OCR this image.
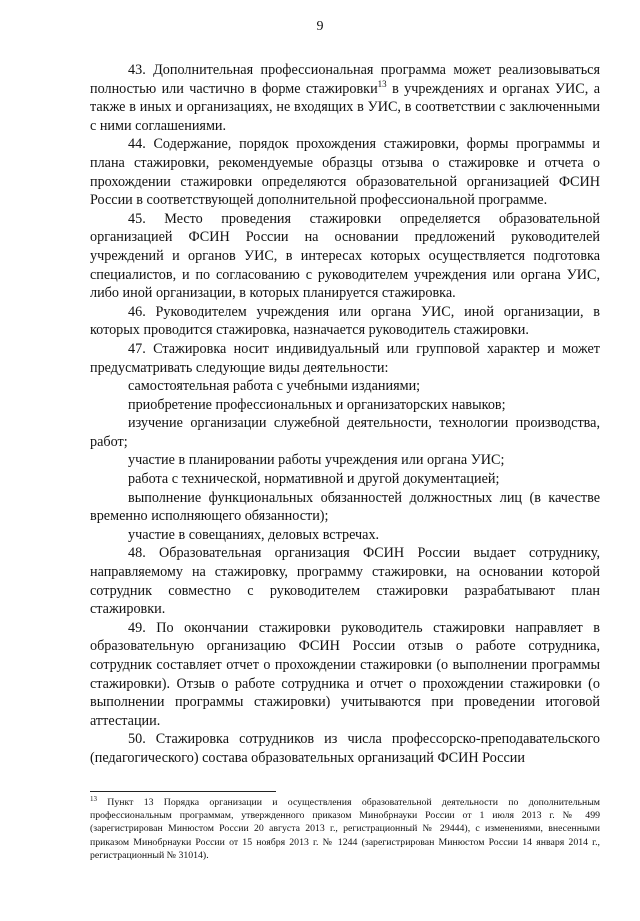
9

43. Дополнительная профессиональная программа может реализовываться полностью или частично в форме стажировки$^{13}$ в учреждениях и органах УИС, а также в иных и организациях, не входящих в УИС, в соответствии с заключенными с ними соглашениями.

44. Содержание, порядок прохождения стажировки, формы программы и плана стажировки, рекомендуемые образцы отзыва о стажировке и отчета о прохождении стажировки определяются образовательной организацией ФСИН России в соответствующей дополнительной профессиональной программе.

45. Место проведения стажировки определяется образовательной организацией ФСИН России на основании предложений руководителей учреждений и органов УИС, в интересах которых осуществляется подготовка специалистов, и по согласованию с руководителем учреждения или органа УИС, либо иной организации, в которых планируется стажировка.

46. Руководителем учреждения или органа УИС, иной организации, в которых проводится стажировка, назначается руководитель стажировки.

47. Стажировка носит индивидуальный или групповой характер и может предусматривать следующие виды деятельности:

самостоятельная работа с учебными изданиями;

приобретение профессиональных и организаторских навыков;

изучение организации служебной деятельности, технологии производства, работ;

участие в планировании работы учреждения или органа УИС;

работа с технической, нормативной и другой документацией;

выполнение функциональных обязанностей должностных лиц (в качестве временно исполняющего обязанности);

участие в совещаниях, деловых встречах.

48. Образовательная организация ФСИН России выдает сотруднику, направляемому на стажировку, программу стажировки, на основании которой сотрудник совместно с руководителем стажировки разрабатывают план стажировки.

49. По окончании стажировки руководитель стажировки направляет в образовательную организацию ФСИН России отзыв о работе сотрудника, сотрудник составляет отчет о прохождении стажировки (о выполнении программы стажировки). Отзыв о работе сотрудника и отчет о прохождении стажировки (о выполнении программы стажировки) учитываются при проведении итоговой аттестации.

50. Стажировка сотрудников из числа профессорско-преподавательского (педагогического) состава образовательных организаций ФСИН России

$^{13}$ Пункт 13 Порядка организации и осуществления образовательной деятельности по дополнительным профессиональным программам, утвержденного приказом Минобрнауки России от 1 июля 2013 г. № 499 (зарегистрирован Минюстом России 20 августа 2013 г., регистрационный № 29444), с изменениями, внесенными приказом Минобрнауки России от 15 ноября 2013 г. № 1244 (зарегистрирован Минюстом России 14 января 2014 г., регистрационный № 31014).
